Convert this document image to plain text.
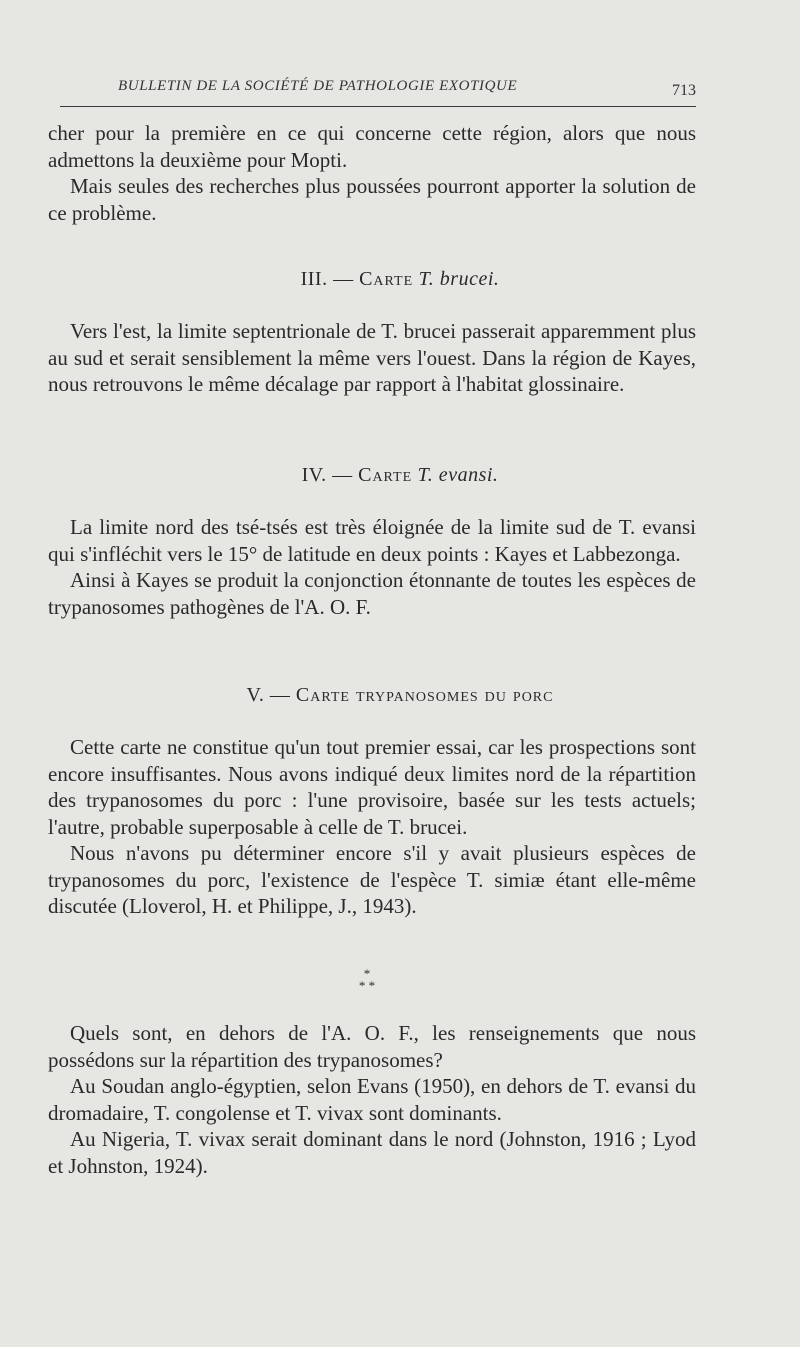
BULLETIN DE LA SOCIÉTÉ DE PATHOLOGIE EXOTIQUE	713

cher pour la première en ce qui concerne cette région, alors que nous admettons la deuxième pour Mopti.

Mais seules des recherches plus poussées pourront apporter la solution de ce problème.

III. — Carte T. brucei.

Vers l'est, la limite septentrionale de T. brucei passerait apparemment plus au sud et serait sensiblement la même vers l'ouest. Dans la région de Kayes, nous retrouvons le même décalage par rapport à l'habitat glossinaire.

IV. — Carte T. evansi.

La limite nord des tsé-tsés est très éloignée de la limite sud de T. evansi qui s'infléchit vers le 15° de latitude en deux points : Kayes et Labbezonga.

Ainsi à Kayes se produit la conjonction étonnante de toutes les espèces de trypanosomes pathogènes de l'A. O. F.

V. — Carte trypanosomes du porc

Cette carte ne constitue qu'un tout premier essai, car les prospections sont encore insuffisantes. Nous avons indiqué deux limites nord de la répartition des trypanosomes du porc : l'une provisoire, basée sur les tests actuels; l'autre, probable superposable à celle de T. brucei.

Nous n'avons pu déterminer encore s'il y avait plusieurs espèces de trypanosomes du porc, l'existence de l'espèce T. simiæ étant elle-même discutée (Lloverol, H. et Philippe, J., 1943).

*
* *

Quels sont, en dehors de l'A. O. F., les renseignements que nous possédons sur la répartition des trypanosomes?

Au Soudan anglo-égyptien, selon Evans (1950), en dehors de T. evansi du dromadaire, T. congolense et T. vivax sont dominants.

Au Nigeria, T. vivax serait dominant dans le nord (Johnston, 1916 ; Lyod et Johnston, 1924).
